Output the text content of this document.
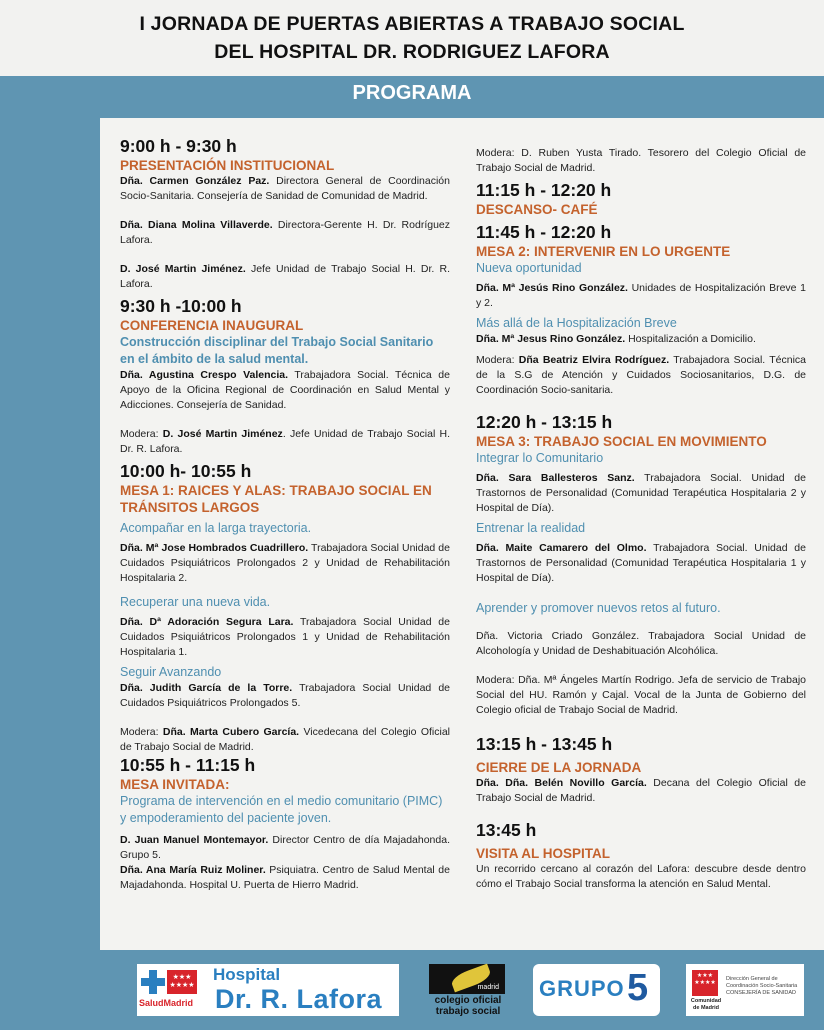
I JORNADA DE PUERTAS ABIERTAS A TRABAJO SOCIAL
DEL HOSPITAL DR. RODRIGUEZ LAFORA
PROGRAMA
9:00 h - 9:30 h
PRESENTACIÓN INSTITUCIONAL
Dña. Carmen González Paz. Directora General de Coordinación Socio-Sanitaria. Consejería de Sanidad de Comunidad de Madrid.
Dña. Diana Molina Villaverde. Directora-Gerente H. Dr. Rodríguez Lafora.
D. José Martin Jiménez. Jefe Unidad de Trabajo Social H. Dr. R. Lafora.
9:30 h -10:00 h
CONFERENCIA INAUGURAL
Construcción disciplinar del Trabajo Social Sanitario en el ámbito de la salud mental.
Dña. Agustina Crespo Valencia. Trabajadora Social. Técnica de Apoyo de la Oficina Regional de Coordinación en Salud Mental y Adicciones. Consejería de Sanidad.
Modera: D. José Martin Jiménez. Jefe Unidad de Trabajo Social H. Dr. R. Lafora.
10:00 h- 10:55 h
MESA 1: RAICES Y ALAS: TRABAJO SOCIAL EN TRÁNSITOS LARGOS
Acompañar en la larga trayectoria.
Dña. Mª Jose Hombrados Cuadrillero. Trabajadora Social Unidad de Cuidados Psiquiátricos Prolongados 2 y Unidad de Rehabilitación Hospitalaria 2.
Recuperar una nueva vida.
Dña. Dª Adoración Segura Lara. Trabajadora Social Unidad de Cuidados Psiquiátricos Prolongados 1 y Unidad de Rehabilitación Hospitalaria 1.
Seguir Avanzando
Dña. Judith García de la Torre. Trabajadora Social Unidad de Cuidados Psiquiátricos Prolongados 5.
Modera: Dña. Marta Cubero García. Vicedecana del Colegio Oficial de Trabajo Social de Madrid.
10:55 h - 11:15 h
MESA INVITADA:
Programa de intervención en el medio comunitario (PIMC) y empoderamiento del paciente joven.
D. Juan Manuel Montemayor. Director Centro de día Majadahonda. Grupo 5.
Dña. Ana María Ruiz Moliner. Psiquiatra. Centro de Salud Mental de Majadahonda. Hospital U. Puerta de Hierro Madrid.
Modera: D. Ruben Yusta Tirado. Tesorero del Colegio Oficial de Trabajo Social de Madrid.
11:15 h - 12:20 h
DESCANSO- CAFÉ
11:45 h - 12:20 h
MESA 2: INTERVENIR EN LO URGENTE
Nueva oportunidad
Dña. Mª Jesús Rino González. Unidades de Hospitalización Breve 1 y 2.
Más allá de la Hospitalización Breve
Dña. Mª Jesus Rino González. Hospitalización a Domicilio.
Modera: Dña Beatriz Elvira Rodríguez. Trabajadora Social. Técnica de la S.G de Atención y Cuidados Sociosanitarios, D.G. de Coordinación Socio-sanitaria.
12:20 h - 13:15 h
MESA 3: TRABAJO SOCIAL EN MOVIMIENTO
Integrar lo Comunitario
Dña. Sara Ballesteros Sanz. Trabajadora Social. Unidad de Trastornos de Personalidad (Comunidad Terapéutica Hospitalaria 2 y Hospital de Día).
Entrenar la realidad
Dña. Maite Camarero del Olmo. Trabajadora Social. Unidad de Trastornos de Personalidad (Comunidad Terapéutica Hospitalaria 1 y Hospital de Día).
Aprender y promover nuevos retos al futuro.
Dña. Victoria Criado González. Trabajadora Social Unidad de Alcohología y Unidad de Deshabituación Alcohólica.
Modera: Dña. Mª Ángeles Martín Rodrigo. Jefa de servicio de Trabajo Social del HU. Ramón y Cajal. Vocal de la Junta de Gobierno del Colegio oficial de Trabajo Social de Madrid.
13:15 h - 13:45 h
CIERRE DE LA JORNADA
Dña. Dña. Belén Novillo García. Decana del Colegio Oficial de Trabajo Social de Madrid.
13:45 h
VISITA AL HOSPITAL
Un recorrido cercano al corazón del Lafora: descubre desde dentro cómo el Trabajo Social transforma la atención en Salud Mental.
★★★
★★★★
SaludMadrid
Hospital
Dr. R. Lafora	madrid
colegio oficial
trabajo social
GRUPO 5	★★★
★★★★
Comunidad de Madrid
Dirección General de Coordinación Socio-Sanitaria CONSEJERÍA DE SANIDAD
